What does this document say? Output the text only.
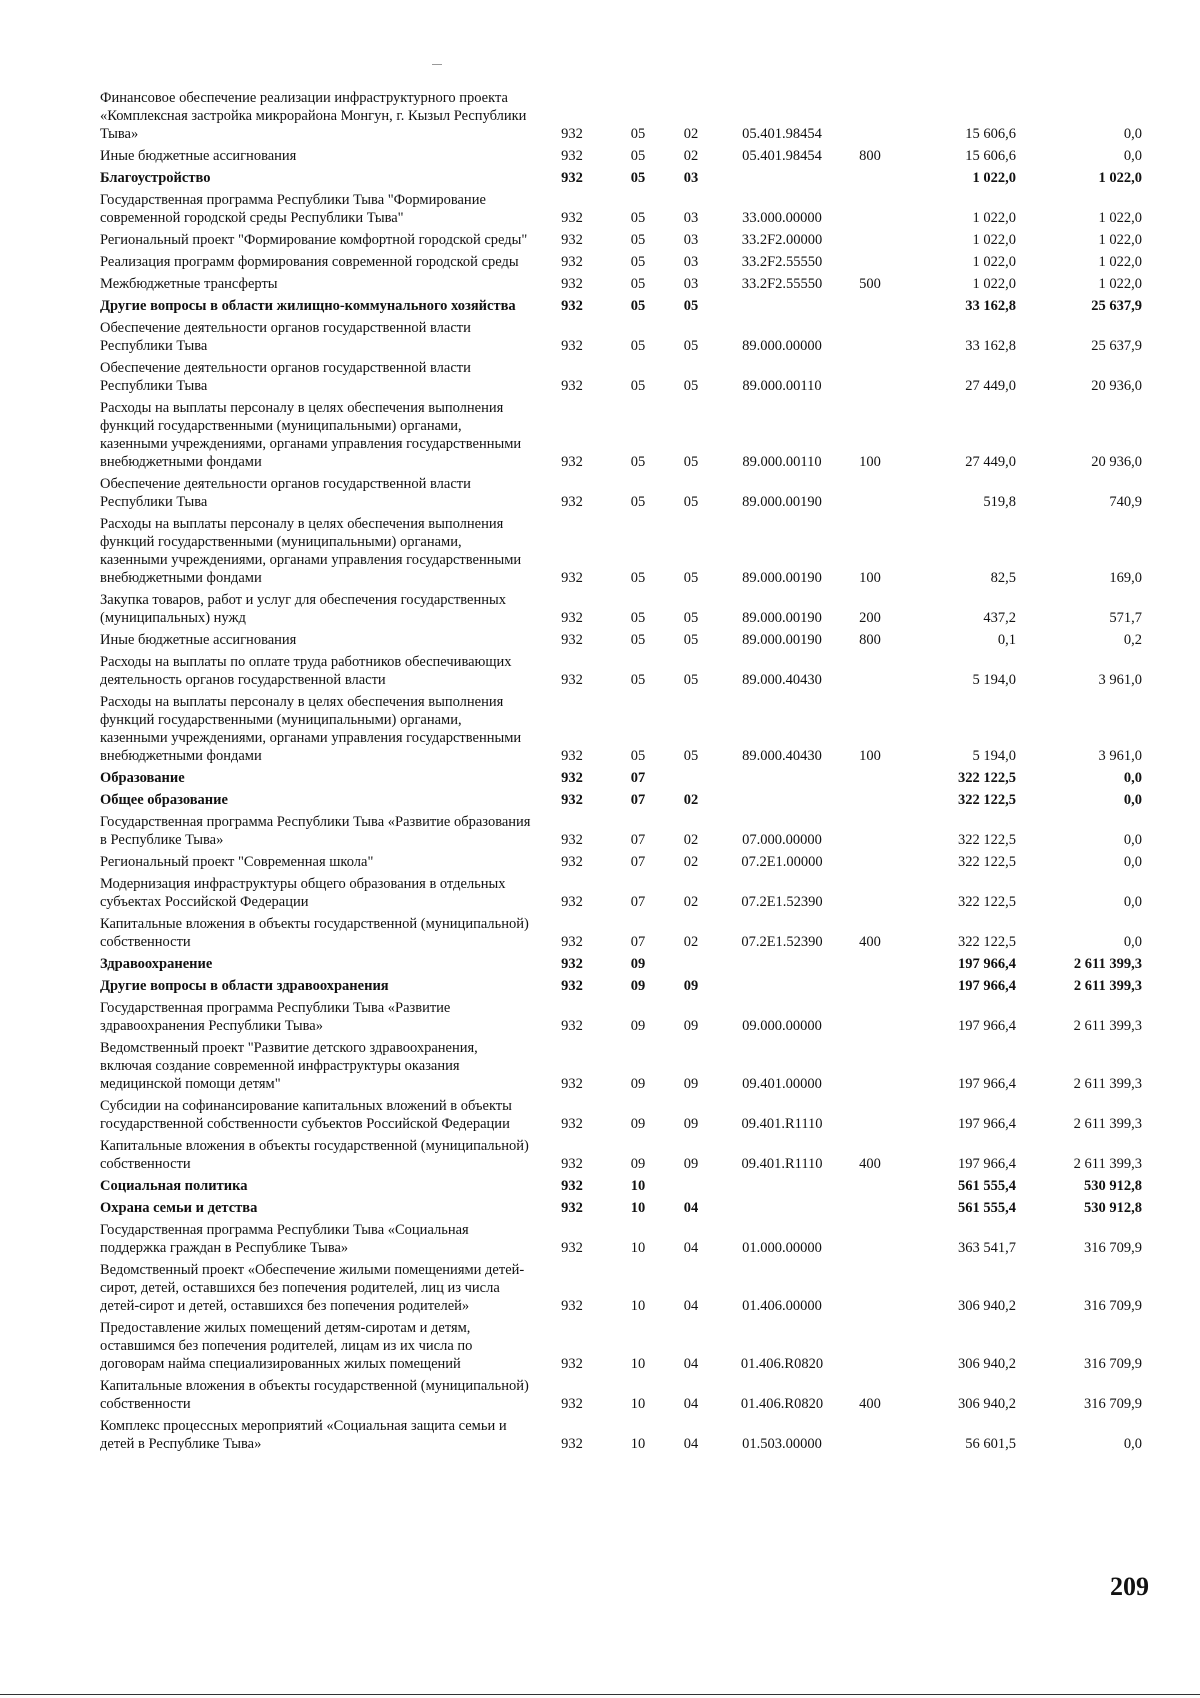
Финансовое обеспечение реализации инфраструктурного проекта «Комплексная застройка микрорайона Монгун, г. Кызыл Республики Тыва»	932	05	02	05.401.98454		15 606,6	0,0
Иные бюджетные ассигнования	932	05	02	05.401.98454	800	15 606,6	0,0
Благоустройство	932	05	03			1 022,0	1 022,0
Государственная программа Республики Тыва "Формирование современной городской среды Республики Тыва"	932	05	03	33.000.00000		1 022,0	1 022,0
Региональный проект "Формирование комфортной городской среды"	932	05	03	33.2F2.00000		1 022,0	1 022,0
Реализация программ формирования современной городской среды	932	05	03	33.2F2.55550		1 022,0	1 022,0
Межбюджетные трансферты	932	05	03	33.2F2.55550	500	1 022,0	1 022,0
Другие вопросы в области жилищно-коммунального хозяйства	932	05	05			33 162,8	25 637,9
Обеспечение деятельности органов государственной власти Республики Тыва	932	05	05	89.000.00000		33 162,8	25 637,9
Обеспечение деятельности органов государственной власти Республики Тыва	932	05	05	89.000.00110		27 449,0	20 936,0
Расходы на выплаты персоналу в целях обеспечения выполнения функций государственными (муниципальными) органами, казенными учреждениями, органами управления государственными внебюджетными фондами	932	05	05	89.000.00110	100	27 449,0	20 936,0
Обеспечение деятельности органов государственной власти Республики Тыва	932	05	05	89.000.00190		519,8	740,9
Расходы на выплаты персоналу в целях обеспечения выполнения функций государственными (муниципальными) органами, казенными учреждениями, органами управления государственными внебюджетными фондами	932	05	05	89.000.00190	100	82,5	169,0
Закупка товаров, работ и услуг для обеспечения государственных (муниципальных) нужд	932	05	05	89.000.00190	200	437,2	571,7
Иные бюджетные ассигнования	932	05	05	89.000.00190	800	0,1	0,2
Расходы на выплаты по оплате труда работников обеспечивающих деятельность органов государственной власти	932	05	05	89.000.40430		5 194,0	3 961,0
Расходы на выплаты персоналу в целях обеспечения выполнения функций государственными (муниципальными) органами, казенными учреждениями, органами управления государственными внебюджетными фондами	932	05	05	89.000.40430	100	5 194,0	3 961,0
Образование	932	07				322 122,5	0,0
Общее образование	932	07	02			322 122,5	0,0
Государственная программа Республики Тыва «Развитие образования в Республике Тыва»	932	07	02	07.000.00000		322 122,5	0,0
Региональный проект "Современная школа"	932	07	02	07.2E1.00000		322 122,5	0,0
Модернизация инфраструктуры общего образования в отдельных субъектах Российской Федерации	932	07	02	07.2E1.52390		322 122,5	0,0
Капитальные вложения в объекты государственной (муниципальной) собственности	932	07	02	07.2E1.52390	400	322 122,5	0,0
Здравоохранение	932	09				197 966,4	2 611 399,3
Другие вопросы в области здравоохранения	932	09	09			197 966,4	2 611 399,3
Государственная программа Республики Тыва «Развитие здравоохранения Республики Тыва»	932	09	09	09.000.00000		197 966,4	2 611 399,3
Ведомственный проект "Развитие детского здравоохранения, включая создание современной инфраструктуры оказания медицинской помощи детям"	932	09	09	09.401.00000		197 966,4	2 611 399,3
Субсидии на софинансирование капитальных вложений в объекты государственной собственности субъектов Российской Федерации	932	09	09	09.401.R1110		197 966,4	2 611 399,3
Капитальные вложения в объекты государственной (муниципальной) собственности	932	09	09	09.401.R1110	400	197 966,4	2 611 399,3
Социальная политика	932	10				561 555,4	530 912,8
Охрана семьи и детства	932	10	04			561 555,4	530 912,8
Государственная программа Республики Тыва «Социальная поддержка граждан в Республике Тыва»	932	10	04	01.000.00000		363 541,7	316 709,9
Ведомственный проект «Обеспечение жилыми помещениями детей-сирот, детей, оставшихся без попечения родителей, лиц из числа детей-сирот и детей, оставшихся без попечения родителей»	932	10	04	01.406.00000		306 940,2	316 709,9
Предоставление жилых помещений детям-сиротам и детям, оставшимся без попечения родителей, лицам из их числа по договорам найма специализированных жилых помещений	932	10	04	01.406.R0820		306 940,2	316 709,9
Капитальные вложения в объекты государственной (муниципальной) собственности	932	10	04	01.406.R0820	400	306 940,2	316 709,9
Комплекс процессных мероприятий «Социальная защита семьи и детей в Республике Тыва»	932	10	04	01.503.00000		56 601,5	0,0
209
